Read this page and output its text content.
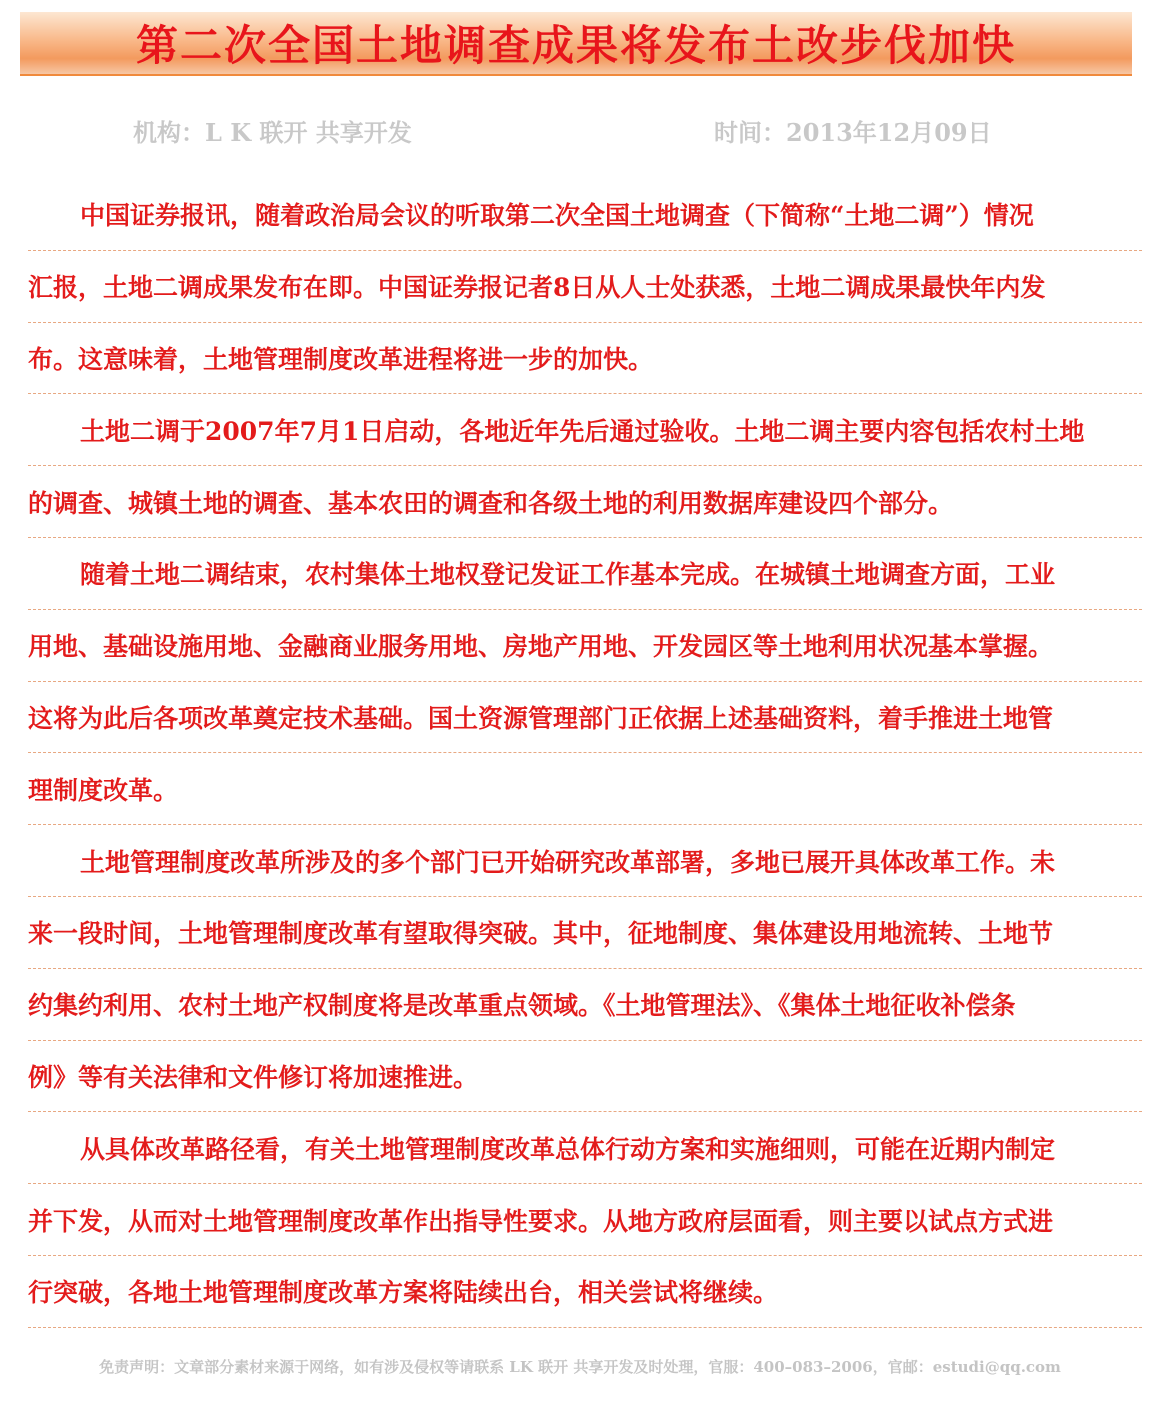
第二次全国土地调查成果将发布土改步伐加快
机构：L K 联开 共享开发	时间：2013年12月09日
中国证券报讯，随着政治局会议的听取第二次全国土地调查（下简称“土地二调”）情况
汇报，土地二调成果发布在即。中国证券报记者8日从人士处获悉，土地二调成果最快年内发
布。这意味着，土地管理制度改革进程将进一步的加快。
土地二调于2007年7月1日启动，各地近年先后通过验收。土地二调主要内容包括农村土地
的调查、城镇土地的调查、基本农田的调查和各级土地的利用数据库建设四个部分。
随着土地二调结束，农村集体土地权登记发证工作基本完成。在城镇土地调查方面，工业
用地、基础设施用地、金融商业服务用地、房地产用地、开发园区等土地利用状况基本掌握。
这将为此后各项改革奠定技术基础。国土资源管理部门正依据上述基础资料，着手推进土地管
理制度改革。
土地管理制度改革所涉及的多个部门已开始研究改革部署，多地已展开具体改革工作。未
来一段时间，土地管理制度改革有望取得突破。其中，征地制度、集体建设用地流转、土地节
约集约利用、农村土地产权制度将是改革重点领域。《土地管理法》、《集体土地征收补偿条
例》等有关法律和文件修订将加速推进。
从具体改革路径看，有关土地管理制度改革总体行动方案和实施细则，可能在近期内制定
并下发，从而对土地管理制度改革作出指导性要求。从地方政府层面看，则主要以试点方式进
行突破，各地土地管理制度改革方案将陆续出台，相关尝试将继续。
免责声明：文章部分素材来源于网络，如有涉及侵权等请联系 LK 联开 共享开发及时处理，官服：400–083–2006，官邮：estudi@qq.com
